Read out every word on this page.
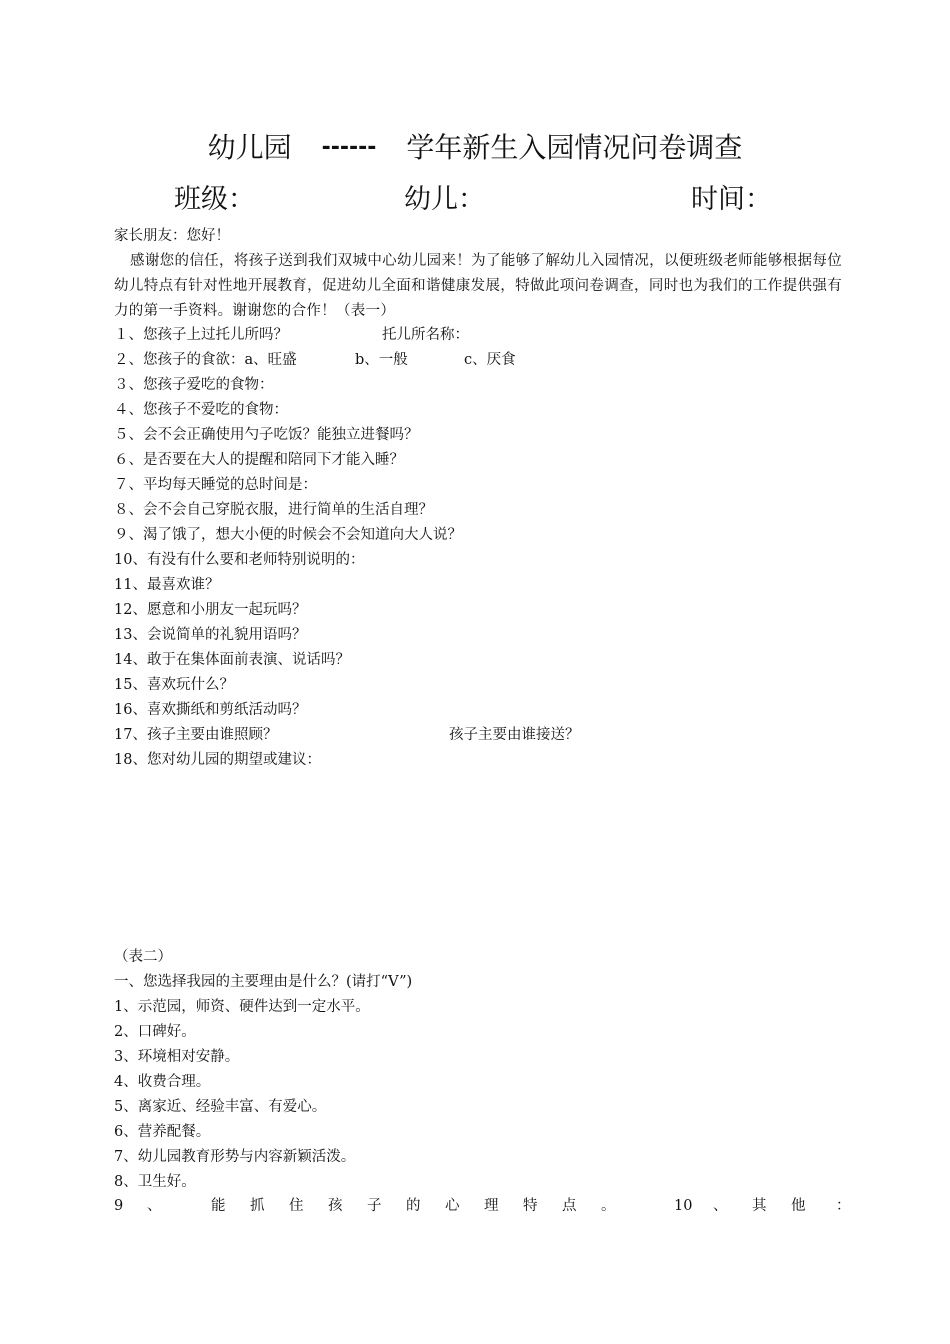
幼儿园 ------ 学年新生入园情况问卷调查
班级：	幼儿：	时间：
家长朋友：您好！
感谢您的信任，将孩子送到我们双城中心幼儿园来！为了能够了解幼儿入园情况，以便班级老师能够根据每位幼儿特点有针对性地开展教育，促进幼儿全面和谐健康发展，特做此项问卷调查，同时也为我们的工作提供强有力的第一手资料。谢谢您的合作！（表一）
１、您孩子上过托儿所吗？	托儿所名称：
２、您孩子的食欲：a、旺盛	b、一般	c、厌食
３、您孩子爱吃的食物：
４、您孩子不爱吃的食物：
５、会不会正确使用勺子吃饭？能独立进餐吗？
６、是否要在大人的提醒和陪同下才能入睡？
７、平均每天睡觉的总时间是：
８、会不会自己穿脱衣服，进行简单的生活自理？
９、渴了饿了，想大小便的时候会不会知道向大人说？
10、有没有什么要和老师特别说明的：
11、最喜欢谁？
12、愿意和小朋友一起玩吗？
13、会说简单的礼貌用语吗？
14、敢于在集体面前表演、说话吗？
15、喜欢玩什么？
16、喜欢撕纸和剪纸活动吗？
17、孩子主要由谁照顾？	孩子主要由谁接送？
18、您对幼儿园的期望或建议：
（表二）
一、您选择我园的主要理由是什么？(请打“V”)
1、示范园，师资、硬件达到一定水平。
2、口碑好。
3、环境相对安静。
4、收费合理。
5、离家近、经验丰富、有爱心。
6、营养配餐。
7、幼儿园教育形势与内容新颖活泼。
8、卫生好。
9 、	能 抓 住 孩 子 的 心 理 特 点 。	10 、 其 他 ：
